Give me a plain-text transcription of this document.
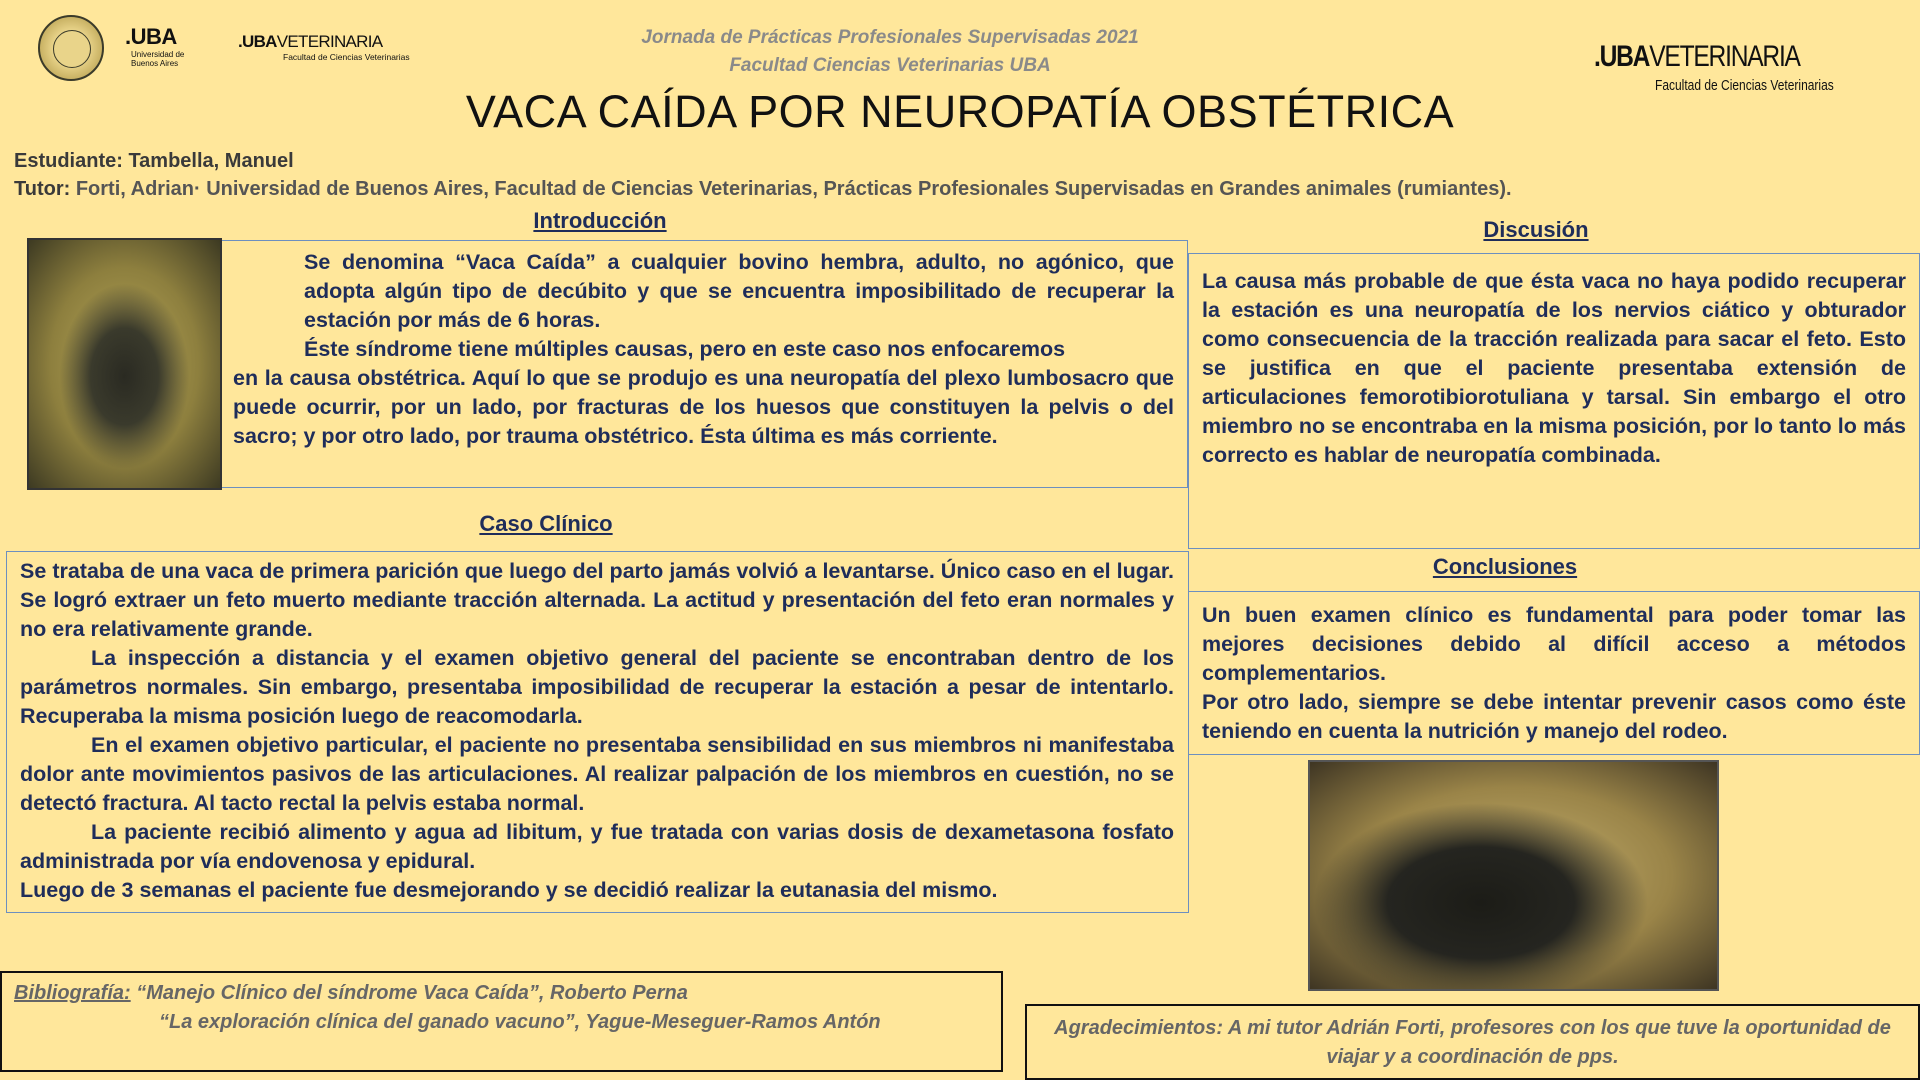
.UBA
Universidad de
Buenos Aires
.UBAVETERINARIA
Facultad de Ciencias Veterinarias	.UBAVETERINARIA
Facultad de Ciencias Veterinarias
Jornada de Prácticas Profesionales Supervisadas 2021
Facultad Ciencias Veterinarias UBA
VACA CAÍDA POR NEUROPATÍA OBSTÉTRICA
Estudiante: Tambella, Manuel
Tutor: Forti, Adrian· Universidad de Buenos Aires, Facultad de Ciencias Veterinarias, Prácticas Profesionales Supervisadas en Grandes animales (rumiantes).
Introducción
Se denomina “Vaca Caída” a cualquier bovino hembra, adulto, no agónico, que adopta algún tipo de decúbito y que se encuentra imposibilitado de recuperar la estación por más de 6 horas.
Éste síndrome tiene múltiples causas, pero en este caso nos enfocaremos
en la causa obstétrica. Aquí lo que se produjo es una neuropatía del plexo lumbosacro que puede ocurrir, por un lado, por fracturas de los huesos que constituyen la pelvis o del sacro; y por otro lado, por trauma obstétrico. Ésta última es más corriente.
Caso Clínico
Se trataba de una vaca de primera parición que luego del parto jamás volvió a levantarse. Único caso en el lugar. Se logró extraer un feto muerto mediante tracción alternada. La actitud y presentación del feto eran normales y no era relativamente grande.
La inspección a distancia y el examen objetivo general del paciente se encontraban dentro de los parámetros normales. Sin embargo, presentaba imposibilidad de recuperar la estación a pesar de intentarlo. Recuperaba la misma posición luego de reacomodarla.
En el examen objetivo particular, el paciente no presentaba sensibilidad en sus miembros ni manifestaba dolor ante movimientos pasivos de las articulaciones. Al realizar palpación de los miembros en cuestión, no se detectó fractura. Al tacto rectal la pelvis estaba normal.
La paciente recibió alimento y agua ad libitum, y fue tratada con varias dosis de dexametasona fosfato administrada por vía endovenosa y epidural.
Luego de 3 semanas el paciente fue desmejorando y se decidió realizar la eutanasia del mismo.
Discusión
La causa más probable de que ésta vaca no haya podido recuperar la estación es una neuropatía de los nervios ciático y obturador como consecuencia de la tracción realizada para sacar el feto. Esto se justifica en que el paciente presentaba extensión de articulaciones femorotibiorotuliana y tarsal. Sin embargo el otro miembro no se encontraba en la misma posición, por lo tanto lo más correcto es hablar de neuropatía combinada.
Conclusiones
Un buen examen clínico es fundamental para poder tomar las mejores decisiones debido al difícil acceso a métodos complementarios.
Por otro lado, siempre se debe intentar prevenir casos como éste teniendo en cuenta la nutrición y manejo del rodeo.
Bibliografía: “Manejo Clínico del síndrome Vaca Caída”, Roberto Perna
“La exploración clínica del ganado vacuno”, Yague-Meseguer-Ramos Antón	Agradecimientos: A mi tutor Adrián Forti, profesores con los que tuve la oportunidad de viajar y a coordinación de pps.
